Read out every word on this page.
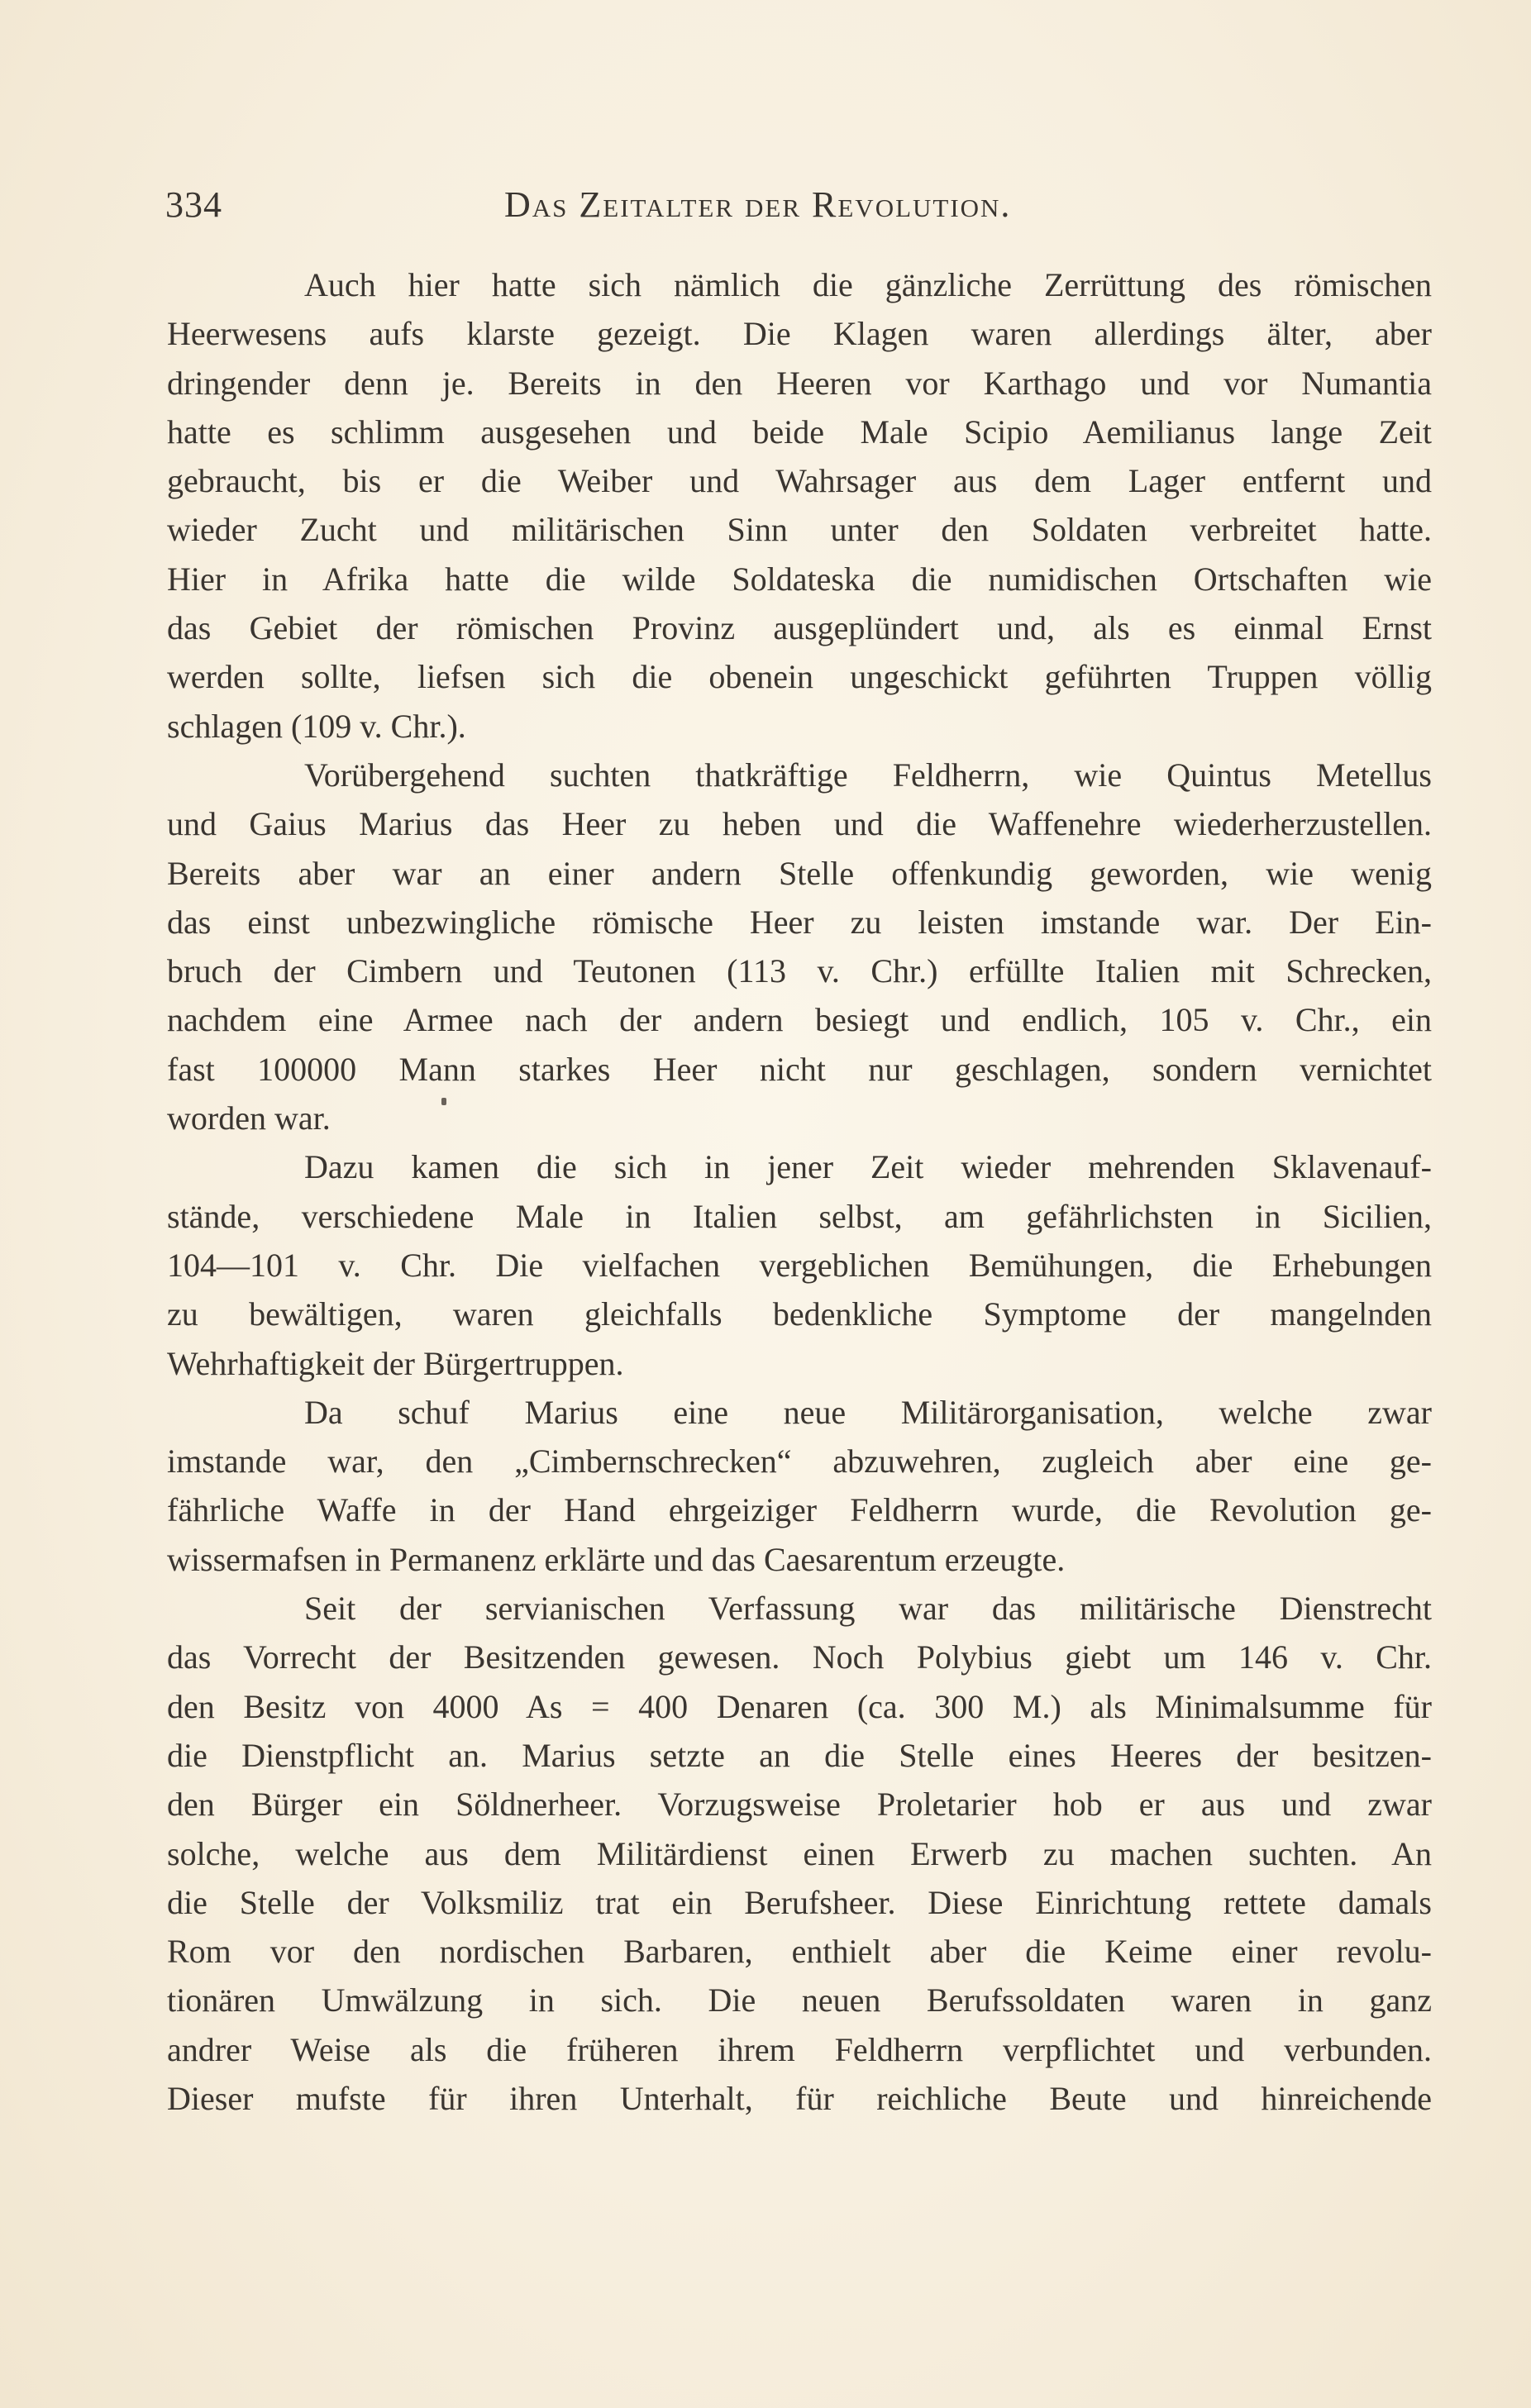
334	Das Zeitalter der Revolution.
Auch hier hatte sich nämlich die gänzliche Zerrüttung des römischen
Heerwesens aufs klarste gezeigt. Die Klagen waren allerdings älter, aber
dringender denn je. Bereits in den Heeren vor Karthago und vor Numantia
hatte es schlimm ausgesehen und beide Male Scipio Aemilianus lange Zeit
gebraucht, bis er die Weiber und Wahrsager aus dem Lager entfernt und
wieder Zucht und militärischen Sinn unter den Soldaten verbreitet hatte.
Hier in Afrika hatte die wilde Soldateska die numidischen Ortschaften wie
das Gebiet der römischen Provinz ausgeplündert und, als es einmal Ernst
werden sollte, liefsen sich die obenein ungeschickt geführten Truppen völlig
schlagen (109 v. Chr.).
Vorübergehend suchten thatkräftige Feldherrn, wie Quintus Metellus
und Gaius Marius das Heer zu heben und die Waffenehre wiederherzustellen.
Bereits aber war an einer andern Stelle offenkundig geworden, wie wenig
das einst unbezwingliche römische Heer zu leisten imstande war. Der Ein-
bruch der Cimbern und Teutonen (113 v. Chr.) erfüllte Italien mit Schrecken,
nachdem eine Armee nach der andern besiegt und endlich, 105 v. Chr., ein
fast 100000 Mann starkes Heer nicht nur geschlagen, sondern vernichtet
worden war.
Dazu kamen die sich in jener Zeit wieder mehrenden Sklavenauf-
stände, verschiedene Male in Italien selbst, am gefährlichsten in Sicilien,
104—101 v. Chr. Die vielfachen vergeblichen Bemühungen, die Erhebungen
zu bewältigen, waren gleichfalls bedenkliche Symptome der mangelnden
Wehrhaftigkeit der Bürgertruppen.
Da schuf Marius eine neue Militärorganisation, welche zwar
imstande war, den „Cimbernschrecken“ abzuwehren, zugleich aber eine ge-
fährliche Waffe in der Hand ehrgeiziger Feldherrn wurde, die Revolution ge-
wissermafsen in Permanenz erklärte und das Caesarentum erzeugte.
Seit der servianischen Verfassung war das militärische Dienstrecht
das Vorrecht der Besitzenden gewesen. Noch Polybius giebt um 146 v. Chr.
den Besitz von 4000 As = 400 Denaren (ca. 300 M.) als Minimalsumme für
die Dienstpflicht an. Marius setzte an die Stelle eines Heeres der besitzen-
den Bürger ein Söldnerheer. Vorzugsweise Proletarier hob er aus und zwar
solche, welche aus dem Militärdienst einen Erwerb zu machen suchten. An
die Stelle der Volksmiliz trat ein Berufsheer. Diese Einrichtung rettete damals
Rom vor den nordischen Barbaren, enthielt aber die Keime einer revolu-
tionären Umwälzung in sich. Die neuen Berufssoldaten waren in ganz
andrer Weise als die früheren ihrem Feldherrn verpflichtet und verbunden.
Dieser mufste für ihren Unterhalt, für reichliche Beute und hinreichende
